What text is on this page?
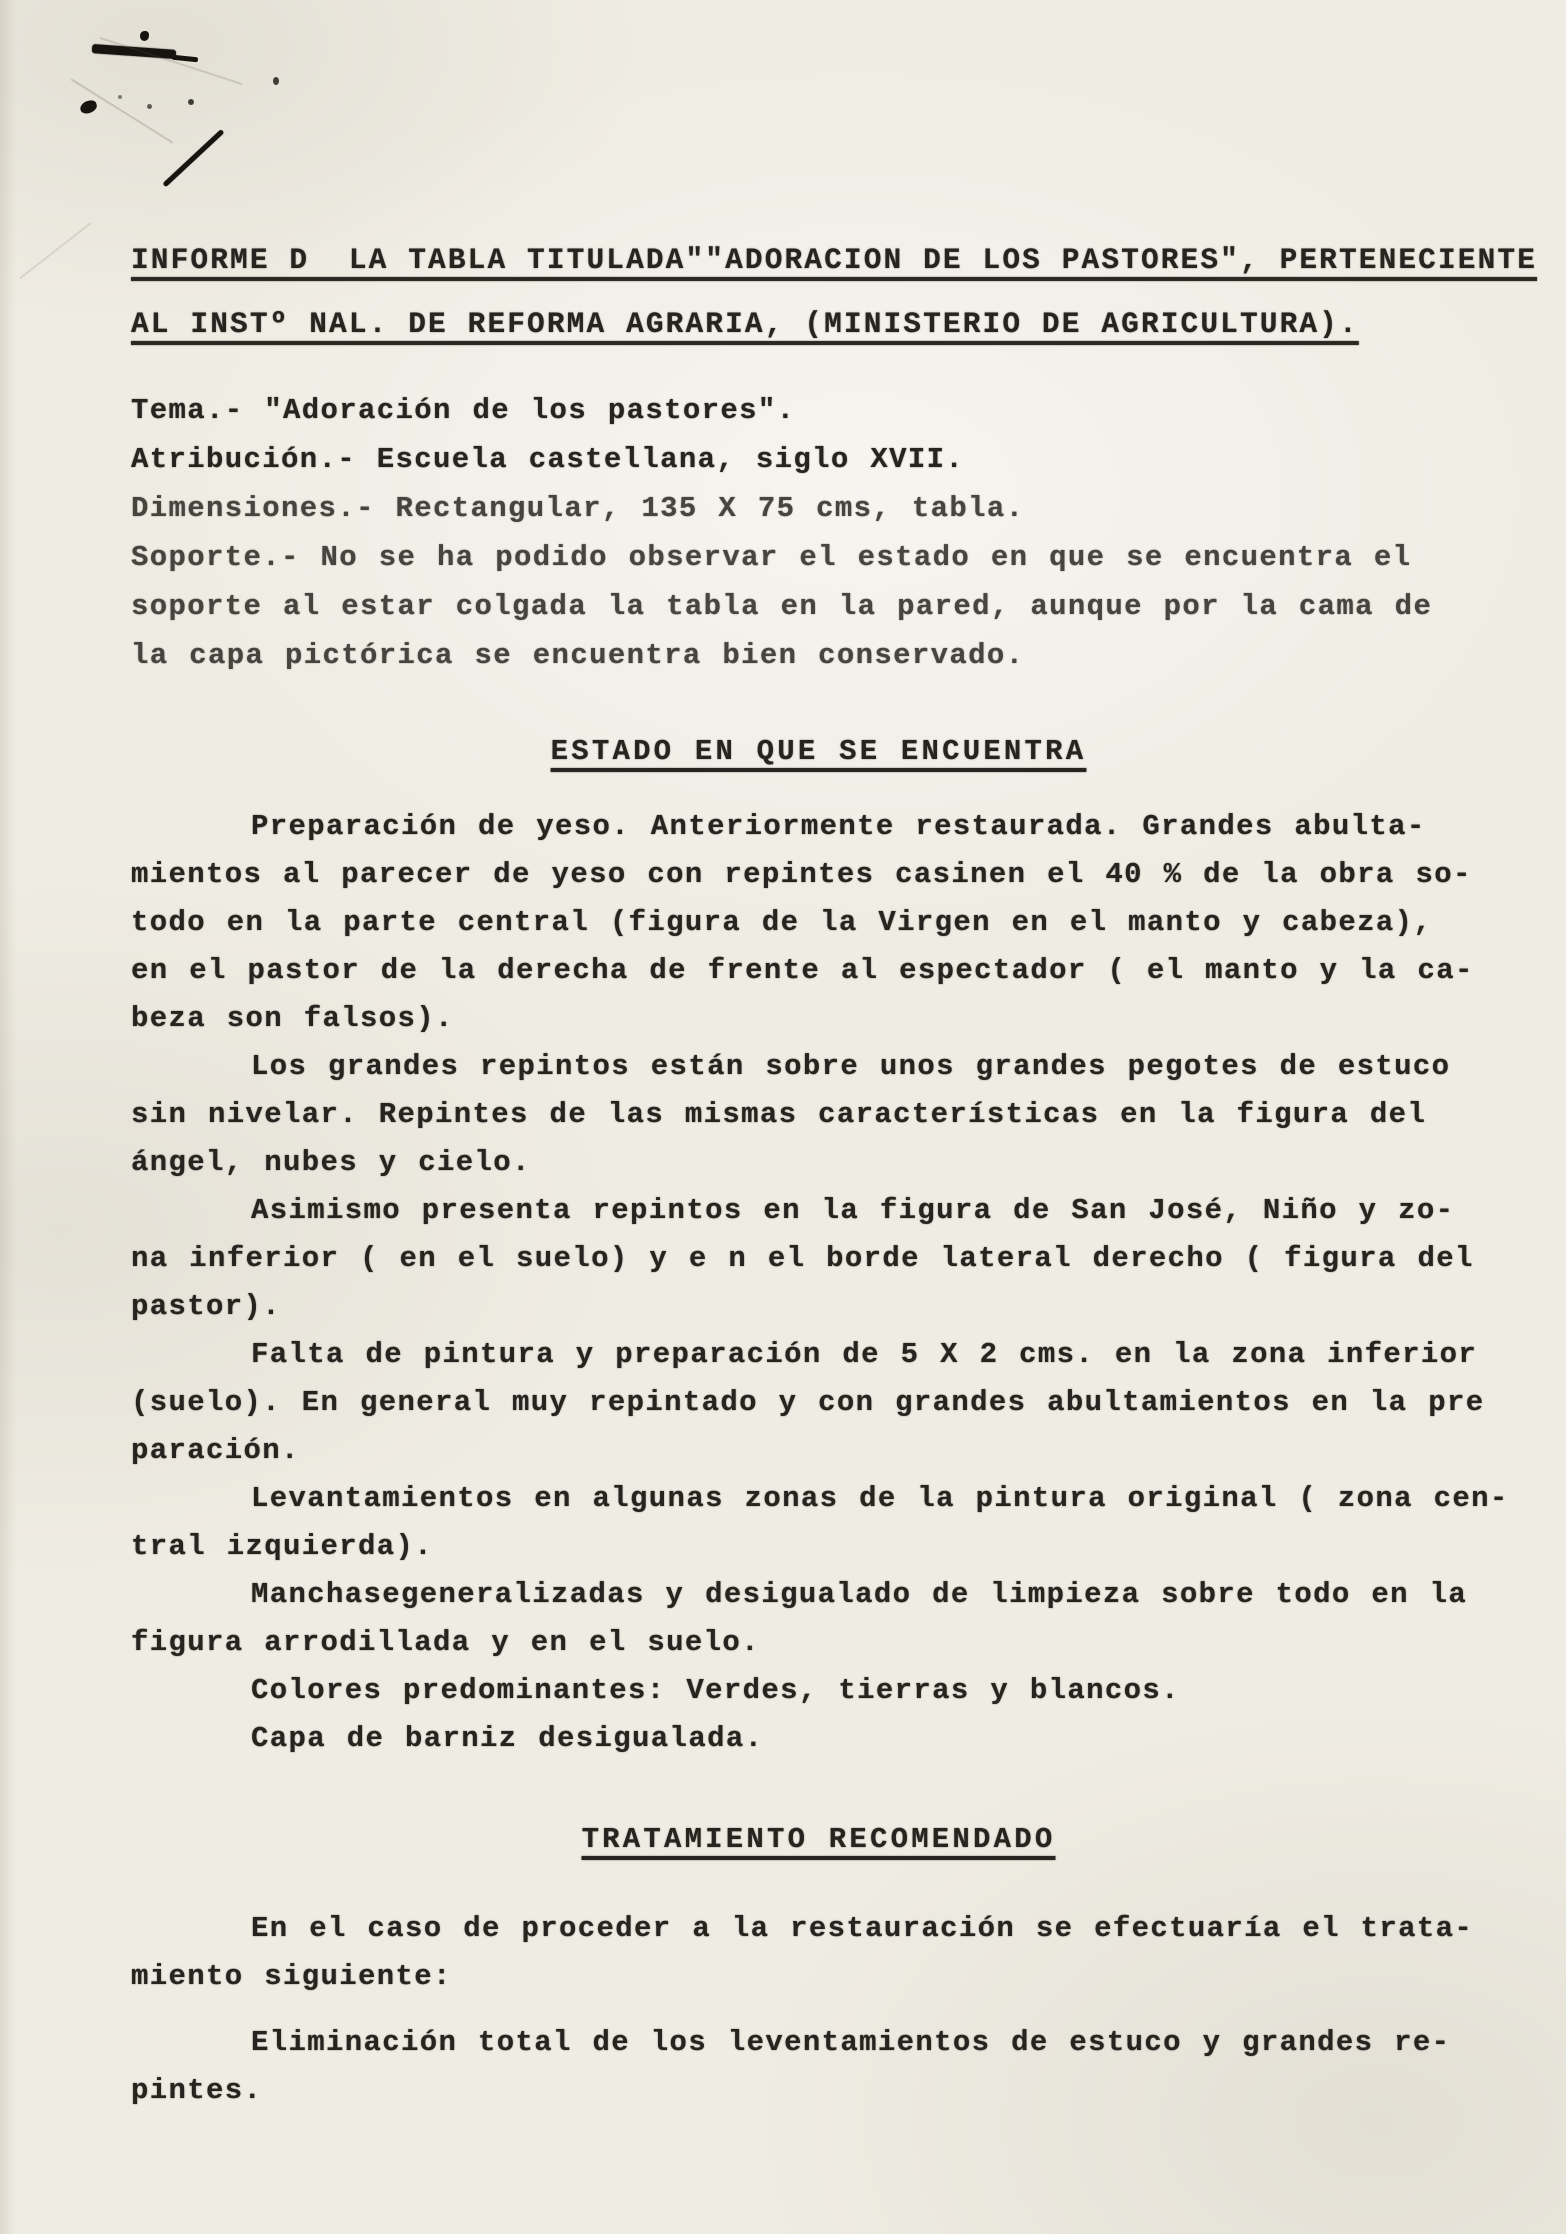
INFORME D  LA TABLA TITULADA""ADORACION DE LOS PASTORES", PERTENECIENTE
AL INSTº NAL. DE REFORMA AGRARIA, (MINISTERIO DE AGRICULTURA).
Tema.- "Adoración de los pastores".
Atribución.- Escuela castellana, siglo XVII.
Dimensiones.- Rectangular, 135 X 75 cms, tabla.
Soporte.- No se ha podido observar el estado en que se encuentra el
soporte al estar colgada la tabla en la pared, aunque por la cama de
la capa pictórica se encuentra bien conservado.
ESTADO EN QUE SE ENCUENTRA
Preparación de yeso. Anteriormente restaurada. Grandes abulta-
mientos al parecer de yeso con repintes casinen el 40 % de la obra so-
todo en la parte central (figura de la Virgen en el manto y cabeza),
en el pastor de la derecha de frente al espectador ( el manto y la ca-
beza son falsos).
Los grandes repintos están sobre unos grandes pegotes de estuco
sin nivelar. Repintes de las mismas características en la figura del
ángel, nubes y cielo.
Asimismo presenta repintos en la figura de San José, Niño y zo-
na inferior ( en el suelo) y e n el borde lateral derecho ( figura del
pastor).
Falta de pintura y preparación de 5 X 2 cms. en la zona inferior
(suelo). En general muy repintado y con grandes abultamientos en la pre
paración.
Levantamientos en algunas zonas de la pintura original ( zona cen-
tral izquierda).
Manchasegeneralizadas y desigualado de limpieza sobre todo en la
figura arrodillada y en el suelo.
Colores predominantes: Verdes, tierras y blancos.
Capa de barniz desigualada.
TRATAMIENTO RECOMENDADO
En el caso de proceder a la restauración se efectuaría el trata-
miento siguiente:
Eliminación total de los leventamientos de estuco y grandes re-
pintes.
